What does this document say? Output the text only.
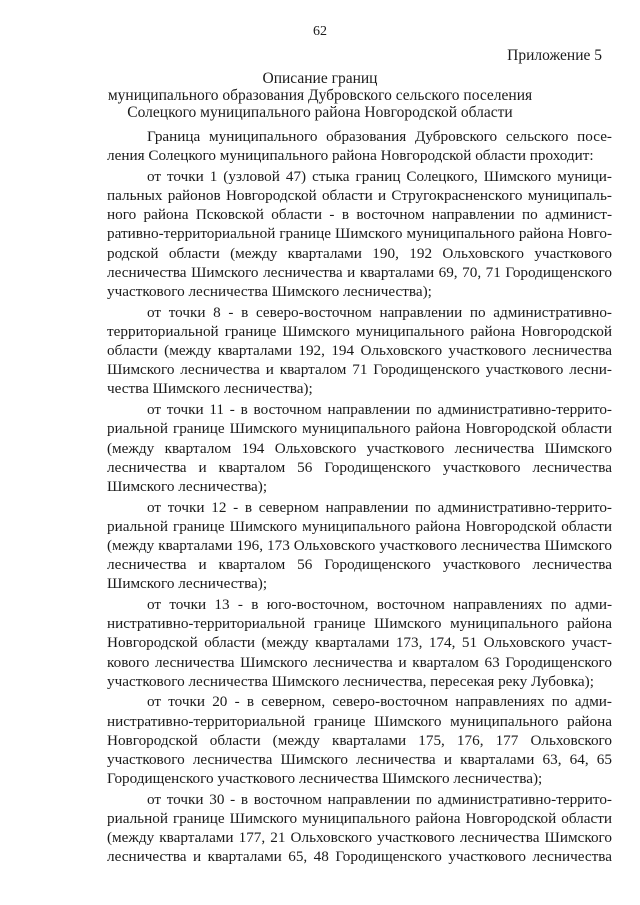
62
Приложение 5
Описание границ
муниципального образования Дубровского сельского поселения
Солецкого муниципального района Новгородской области
Граница муниципального образования Дубровского сельского посе-
ления Солецкого муниципального района Новгородской области проходит:
от точки 1 (узловой 47) стыка границ Солецкого, Шимского муници-
пальных районов Новгородской области и Стругокрасненского муниципаль-
ного района Псковской области - в восточном направлении по админист-
ративно-территориальной границе Шимского муниципального района Новго-
родской области (между кварталами 190, 192 Ольховского участкового
лесничества Шимского лесничества и кварталами 69, 70, 71 Городищенского
участкового лесничества Шимского лесничества);
от точки 8 - в северо-восточном направлении по административно-
территориальной границе Шимского муниципального района Новгородской
области (между кварталами 192, 194 Ольховского участкового лесничества
Шимского лесничества и кварталом 71 Городищенского участкового лесни-
чества Шимского лесничества);
от точки 11 - в восточном направлении по административно-террито-
риальной границе Шимского муниципального района Новгородской области
(между кварталом 194 Ольховского участкового лесничества Шимского
лесничества и кварталом 56 Городищенского участкового лесничества
Шимского лесничества);
от точки 12 - в северном направлении по административно-террито-
риальной границе Шимского муниципального района Новгородской области
(между кварталами 196, 173 Ольховского участкового лесничества Шимского
лесничества и кварталом 56 Городищенского участкового лесничества
Шимского лесничества);
от точки 13 - в юго-восточном, восточном направлениях по адми-
нистративно-территориальной границе Шимского муниципального района
Новгородской области (между кварталами 173, 174, 51 Ольховского участ-
кового лесничества Шимского лесничества и кварталом 63 Городищенского
участкового лесничества Шимского лесничества, пересекая реку Лубовка);
от точки 20 - в северном, северо-восточном направлениях по адми-
нистративно-территориальной границе Шимского муниципального района
Новгородской области (между кварталами 175, 176, 177 Ольховского
участкового лесничества Шимского лесничества и кварталами 63, 64, 65
Городищенского участкового лесничества Шимского лесничества);
от точки 30 - в восточном направлении по административно-террито-
риальной границе Шимского муниципального района Новгородской области
(между кварталами 177, 21 Ольховского участкового лесничества Шимского
лесничества и кварталами 65, 48 Городищенского участкового лесничества
